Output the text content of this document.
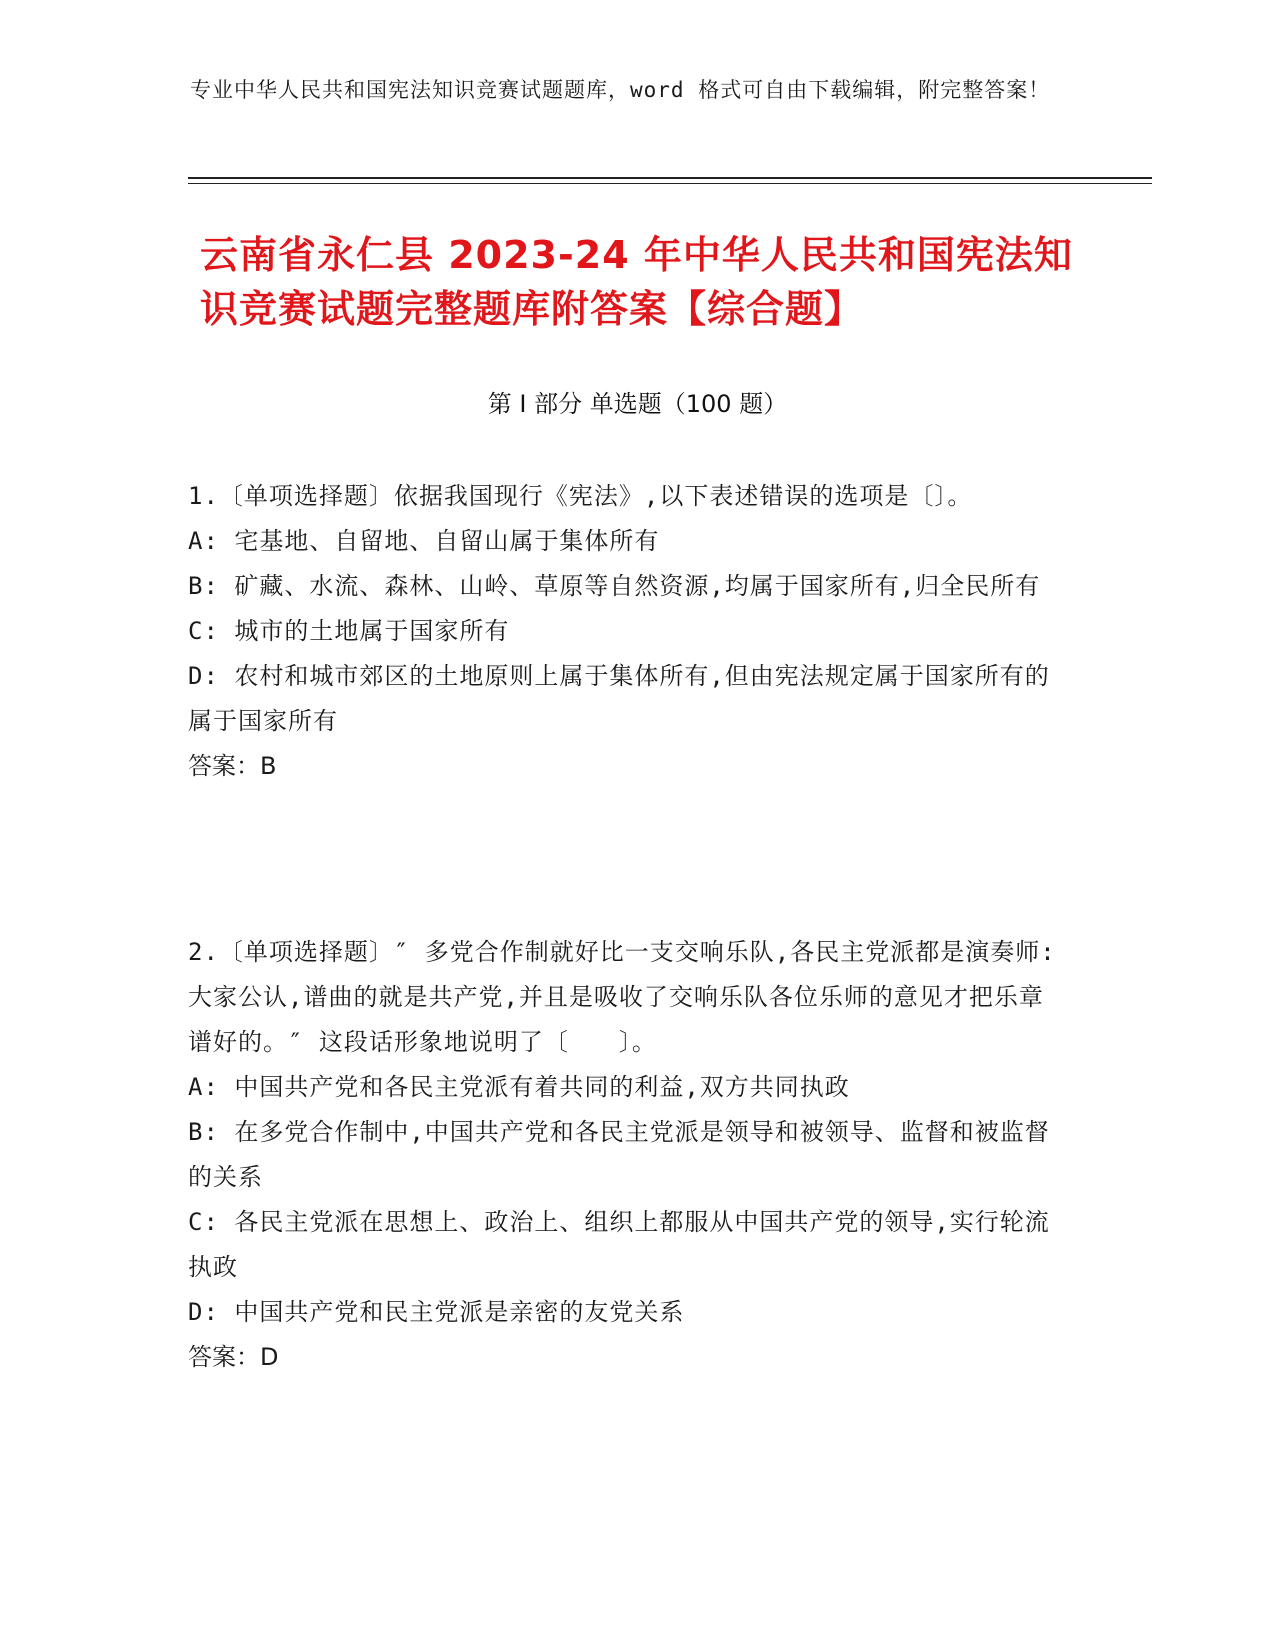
专业中华人民共和国宪法知识竞赛试题题库，word 格式可自由下载编辑，附完整答案！
云南省永仁县 2023-24 年中华人民共和国宪法知识竞赛试题完整题库附答案【综合题】
第 I 部分 单选题（100 题）

1.〔单项选择题〕依据我国现行《宪法》,以下表述错误的选项是〔〕。

A: 宅基地、自留地、自留山属于集体所有

B: 矿藏、水流、森林、山岭、草原等自然资源,均属于国家所有,归全民所有

C: 城市的土地属于国家所有

D: 农村和城市郊区的土地原则上属于集体所有,但由宪法规定属于国家所有的属于国家所有

答案：B

2.〔单项选择题〕″ 多党合作制就好比一支交响乐队,各民主党派都是演奏师:大家公认,谱曲的就是共产党,并且是吸收了交响乐队各位乐师的意见才把乐章谱好的。″ 这段话形象地说明了〔　　〕。

A: 中国共产党和各民主党派有着共同的利益,双方共同执政

B: 在多党合作制中,中国共产党和各民主党派是领导和被领导、监督和被监督的关系

C: 各民主党派在思想上、政治上、组织上都服从中国共产党的领导,实行轮流执政

D: 中国共产党和民主党派是亲密的友党关系

答案：D
